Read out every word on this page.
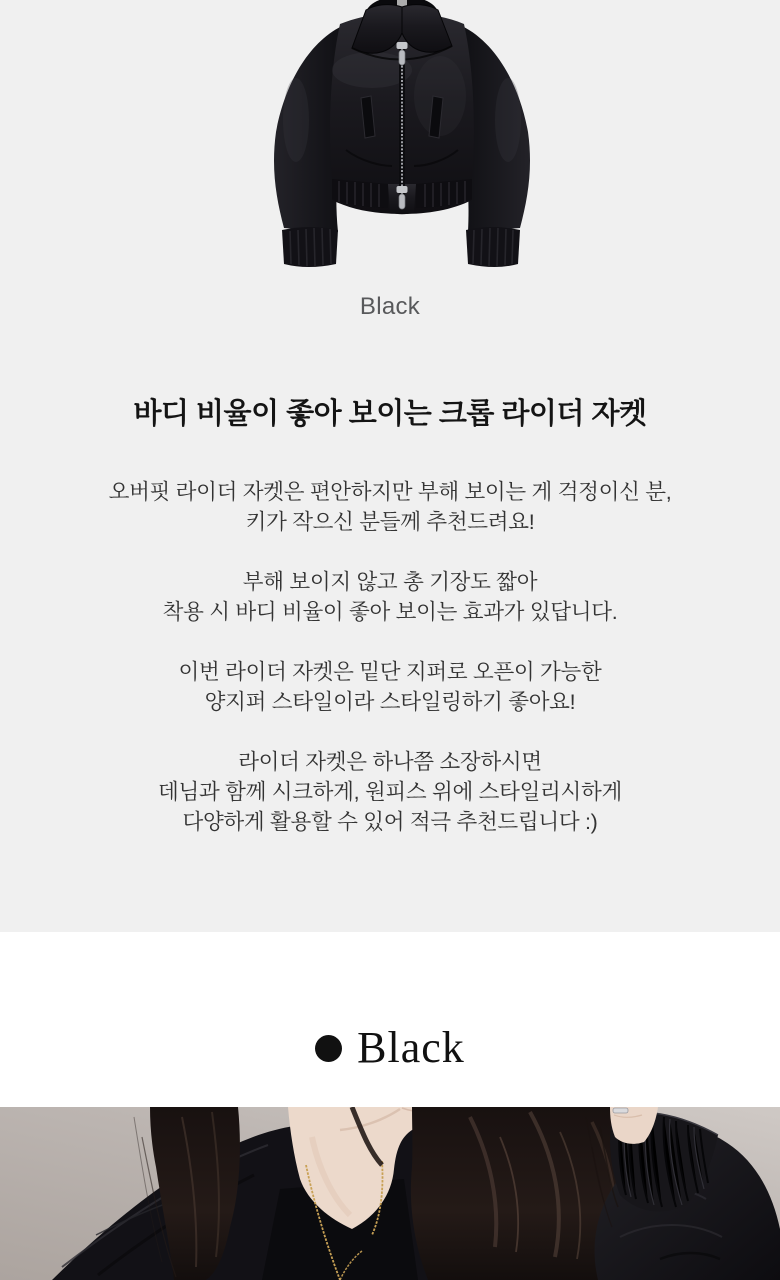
Black
바디 비율이 좋아 보이는 크롭 라이더 자켓

오버핏 라이더 자켓은 편안하지만 부해 보이는 게 걱정이신 분,
키가 작으신 분들께 추천드려요!

부해 보이지 않고 총 기장도 짧아
착용 시 바디 비율이 좋아 보이는 효과가 있답니다.

이번 라이더 자켓은 밑단 지퍼로 오픈이 가능한
양지퍼 스타일이라 스타일링하기 좋아요!

라이더 자켓은 하나쯤 소장하시면
데님과 함께 시크하게, 원피스 위에 스타일리시하게
다양하게 활용할 수 있어 적극 추천드립니다 :)

Black
